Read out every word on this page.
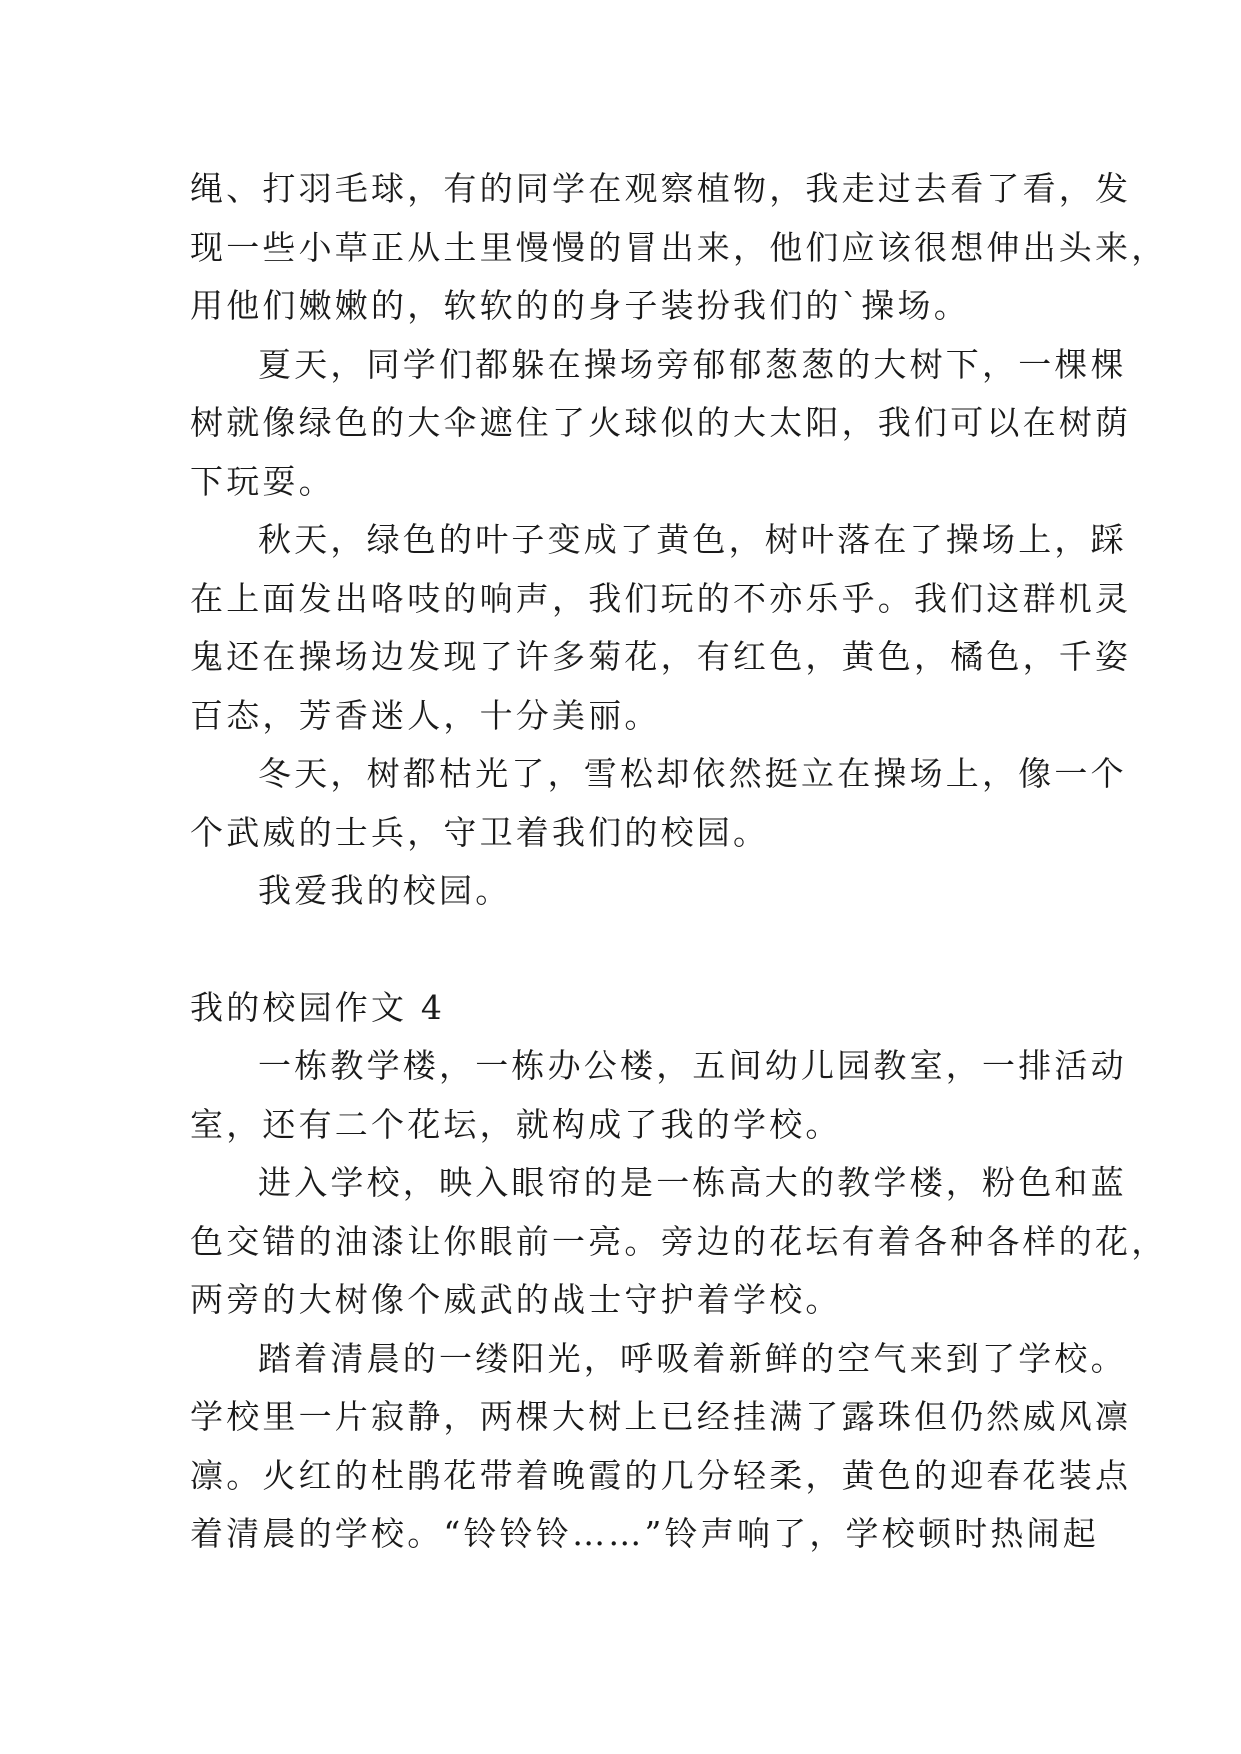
绳、打羽毛球，有的同学在观察植物，我走过去看了看，发
现一些小草正从土里慢慢的冒出来，他们应该很想伸出头来，
用他们嫩嫩的，软软的的身子装扮我们的`操场。
夏天，同学们都躲在操场旁郁郁葱葱的大树下，一棵棵
树就像绿色的大伞遮住了火球似的大太阳，我们可以在树荫
下玩耍。
秋天，绿色的叶子变成了黄色，树叶落在了操场上，踩
在上面发出咯吱的响声，我们玩的不亦乐乎。我们这群机灵
鬼还在操场边发现了许多菊花，有红色，黄色，橘色，千姿
百态，芳香迷人，十分美丽。
冬天，树都枯光了，雪松却依然挺立在操场上，像一个
个武威的士兵，守卫着我们的校园。
我爱我的校园。
我的校园作文 4
一栋教学楼，一栋办公楼，五间幼儿园教室，一排活动
室，还有二个花坛，就构成了我的学校。
进入学校，映入眼帘的是一栋高大的教学楼，粉色和蓝
色交错的油漆让你眼前一亮。旁边的花坛有着各种各样的花，
两旁的大树像个威武的战士守护着学校。
踏着清晨的一缕阳光，呼吸着新鲜的空气来到了学校。
学校里一片寂静，两棵大树上已经挂满了露珠但仍然威风凛
凛。火红的杜鹃花带着晚霞的几分轻柔，黄色的迎春花装点
着清晨的学校。“铃铃铃……”铃声响了，学校顿时热闹起
